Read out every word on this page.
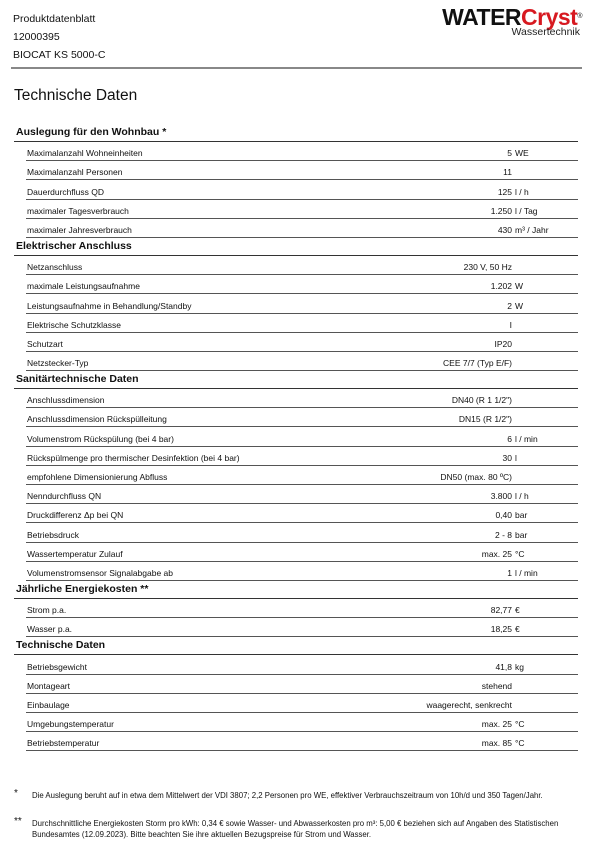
Produktdatenblatt
12000395
BIOCAT KS 5000-C
WATERCryst®
Wassertechnik
Technische Daten
Auslegung für den Wohnbau *
Maximalanzahl Wohneinheiten	5 WE
Maximalanzahl Personen	11
Dauerdurchfluss QD	125 l / h
maximaler Tagesverbrauch	1.250 l / Tag
maximaler Jahresverbrauch	430 m³ / Jahr
Elektrischer Anschluss
Netzanschluss	230 V, 50 Hz
maximale Leistungsaufnahme	1.202 W
Leistungsaufnahme in Behandlung/Standby	2 W
Elektrische Schutzklasse	I
Schutzart	IP20
Netzstecker-Typ	CEE 7/7 (Typ E/F)
Sanitärtechnische Daten
Anschlussdimension	DN40 (R 1 1/2")
Anschlussdimension Rückspülleitung	DN15 (R 1/2")
Volumenstrom Rückspülung (bei 4 bar)	6 l / min
Rückspülmenge pro thermischer Desinfektion (bei 4 bar)	30 l
empfohlene Dimensionierung Abfluss	DN50 (max. 80 ºC)
Nenndurchfluss QN	3.800 l / h
Druckdifferenz Δp bei QN	0,40 bar
Betriebsdruck	2 - 8 bar
Wassertemperatur Zulauf	max. 25 °C
Volumenstromsensor Signalabgabe ab	1 l / min
Jährliche Energiekosten **
Strom p.a.	82,77 €
Wasser p.a.	18,25 €
Technische Daten
Betriebsgewicht	41,8 kg
Montageart	stehend
Einbaulage	waagerecht, senkrecht
Umgebungstemperatur	max. 25 °C
Betriebstemperatur	max. 85 °C
* Die Auslegung beruht auf in etwa dem Mittelwert der VDI 3807; 2,2 Personen pro WE, effektiver Verbrauchszeitraum von 10h/d und 350 Tagen/Jahr.
** Durchschnittliche Energiekosten Storm pro kWh: 0,34 € sowie Wasser- und Abwasserkosten pro m³: 5,00 € beziehen sich auf Angaben des Statistischen Bundesamtes (12.09.2023). Bitte beachten Sie ihre aktuellen Bezugspreise für Strom und Wasser.
